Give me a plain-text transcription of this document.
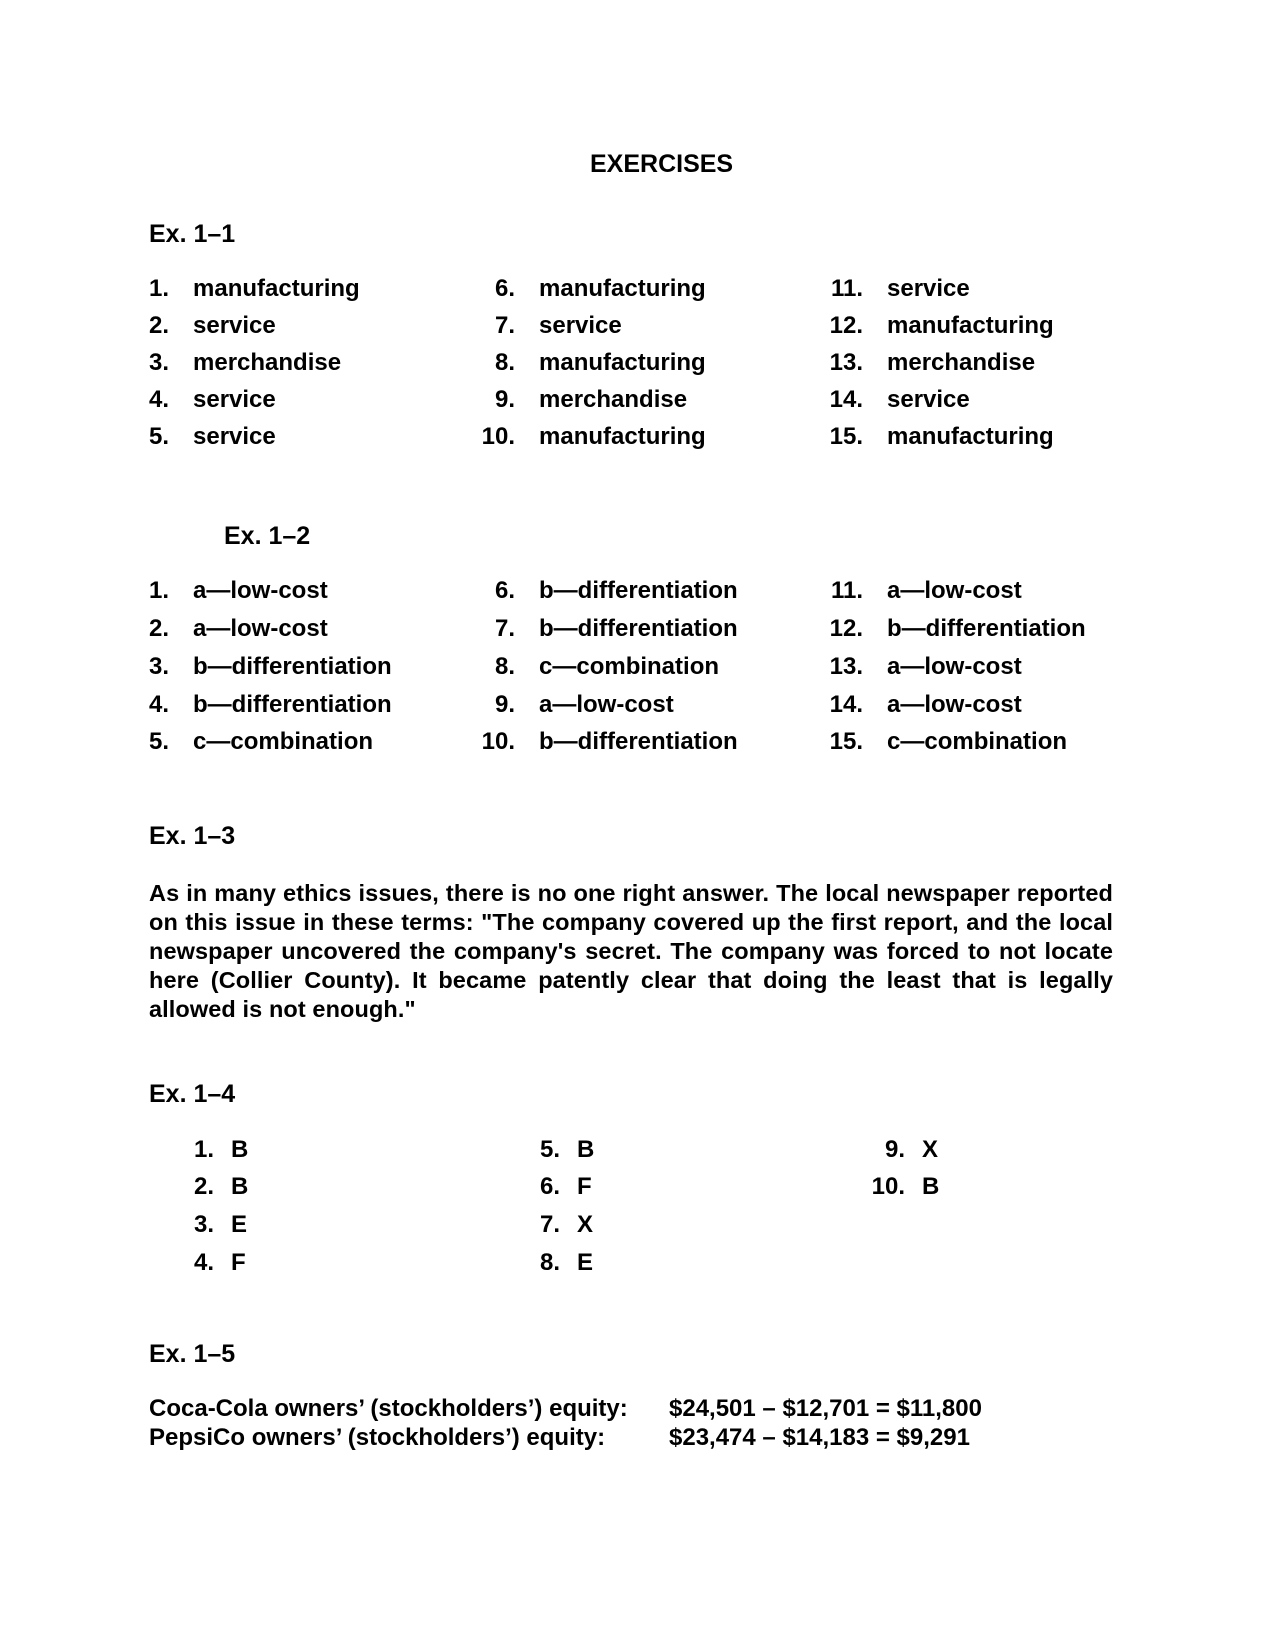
EXERCISES
Ex. 1–1
1. manufacturing
2. service
3. merchandise
4. service
5. service
6. manufacturing
7. service
8. manufacturing
9. merchandise
10. manufacturing
11. service
12. manufacturing
13. merchandise
14. service
15. manufacturing
Ex. 1–2
1. a—low-cost
2. a—low-cost
3. b—differentiation
4. b—differentiation
5. c—combination
6. b—differentiation
7. b—differentiation
8. c—combination
9. a—low-cost
10. b—differentiation
11. a—low-cost
12. b—differentiation
13. a—low-cost
14. a—low-cost
15. c—combination
Ex. 1–3
As in many ethics issues, there is no one right answer. The local newspaper reported on this issue in these terms: "The company covered up the first report, and the local newspaper uncovered the company's secret. The company was forced to not locate here (Collier County). It became patently clear that doing the least that is legally allowed is not enough."
Ex. 1–4
1. B
2. B
3. E
4. F
5. B
6. F
7. X
8. E
9. X
10. B
Ex. 1–5
Coca-Cola owners’ (stockholders’) equity: $24,501 – $12,701 = $11,800
PepsiCo owners’ (stockholders’) equity:	$23,474 – $14,183 = $9,291
